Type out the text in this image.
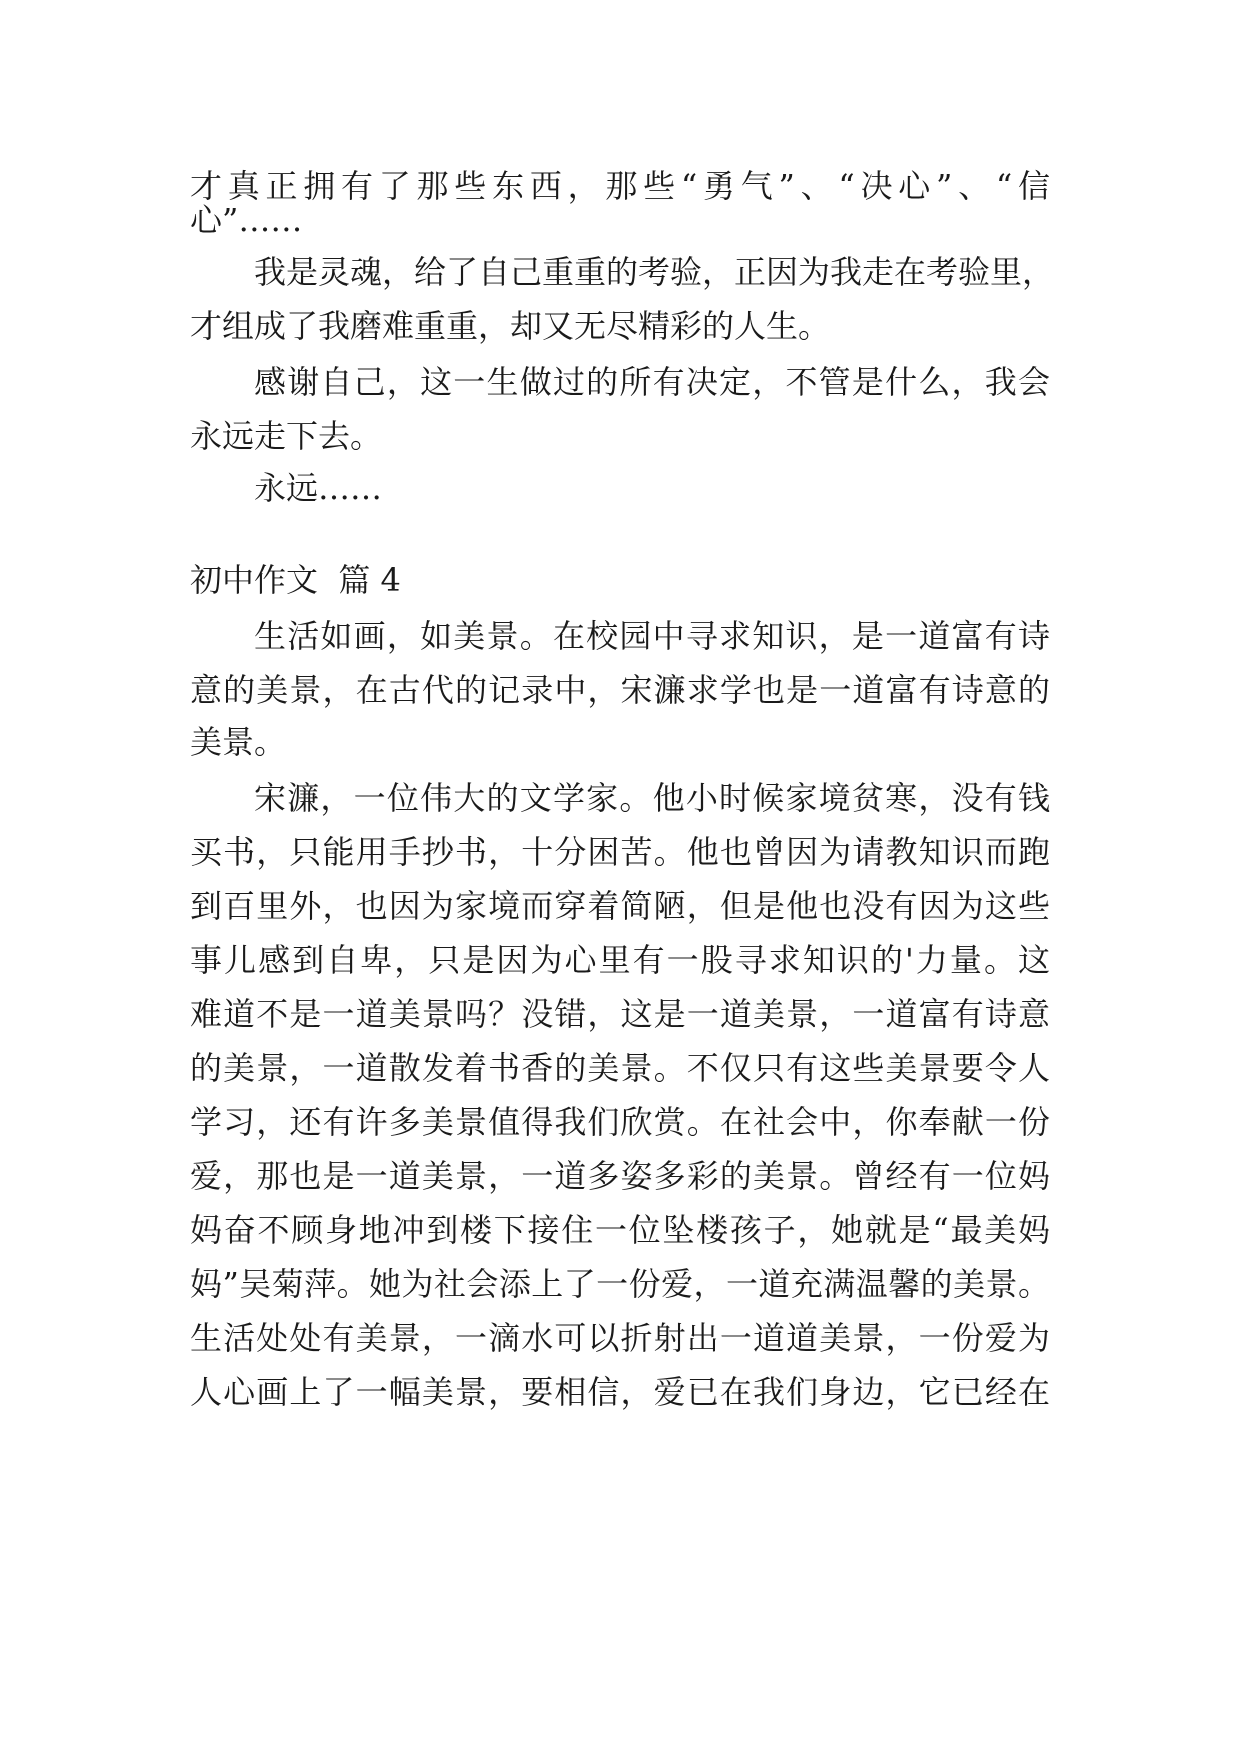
才真正拥有了那些东西，那些“勇气”、“决心”、“信
心”……
我是灵魂，给了自己重重的考验，正因为我走在考验里，
才组成了我磨难重重，却又无尽精彩的人生。
感谢自己，这一生做过的所有决定，不管是什么，我会
永远走下去。
永远……
初中作文  篇 4
生活如画，如美景。在校园中寻求知识，是一道富有诗
意的美景，在古代的记录中，宋濂求学也是一道富有诗意的
美景。
宋濂，一位伟大的文学家。他小时候家境贫寒，没有钱
买书，只能用手抄书，十分困苦。他也曾因为请教知识而跑
到百里外，也因为家境而穿着简陋，但是他也没有因为这些
事儿感到自卑，只是因为心里有一股寻求知识的'力量。这
难道不是一道美景吗？没错，这是一道美景，一道富有诗意
的美景，一道散发着书香的美景。不仅只有这些美景要令人
学习，还有许多美景值得我们欣赏。在社会中，你奉献一份
爱，那也是一道美景，一道多姿多彩的美景。曾经有一位妈
妈奋不顾身地冲到楼下接住一位坠楼孩子，她就是“最美妈
妈”吴菊萍。她为社会添上了一份爱，一道充满温馨的美景。
生活处处有美景，一滴水可以折射出一道道美景，一份爱为
人心画上了一幅美景，要相信，爱已在我们身边，它已经在
